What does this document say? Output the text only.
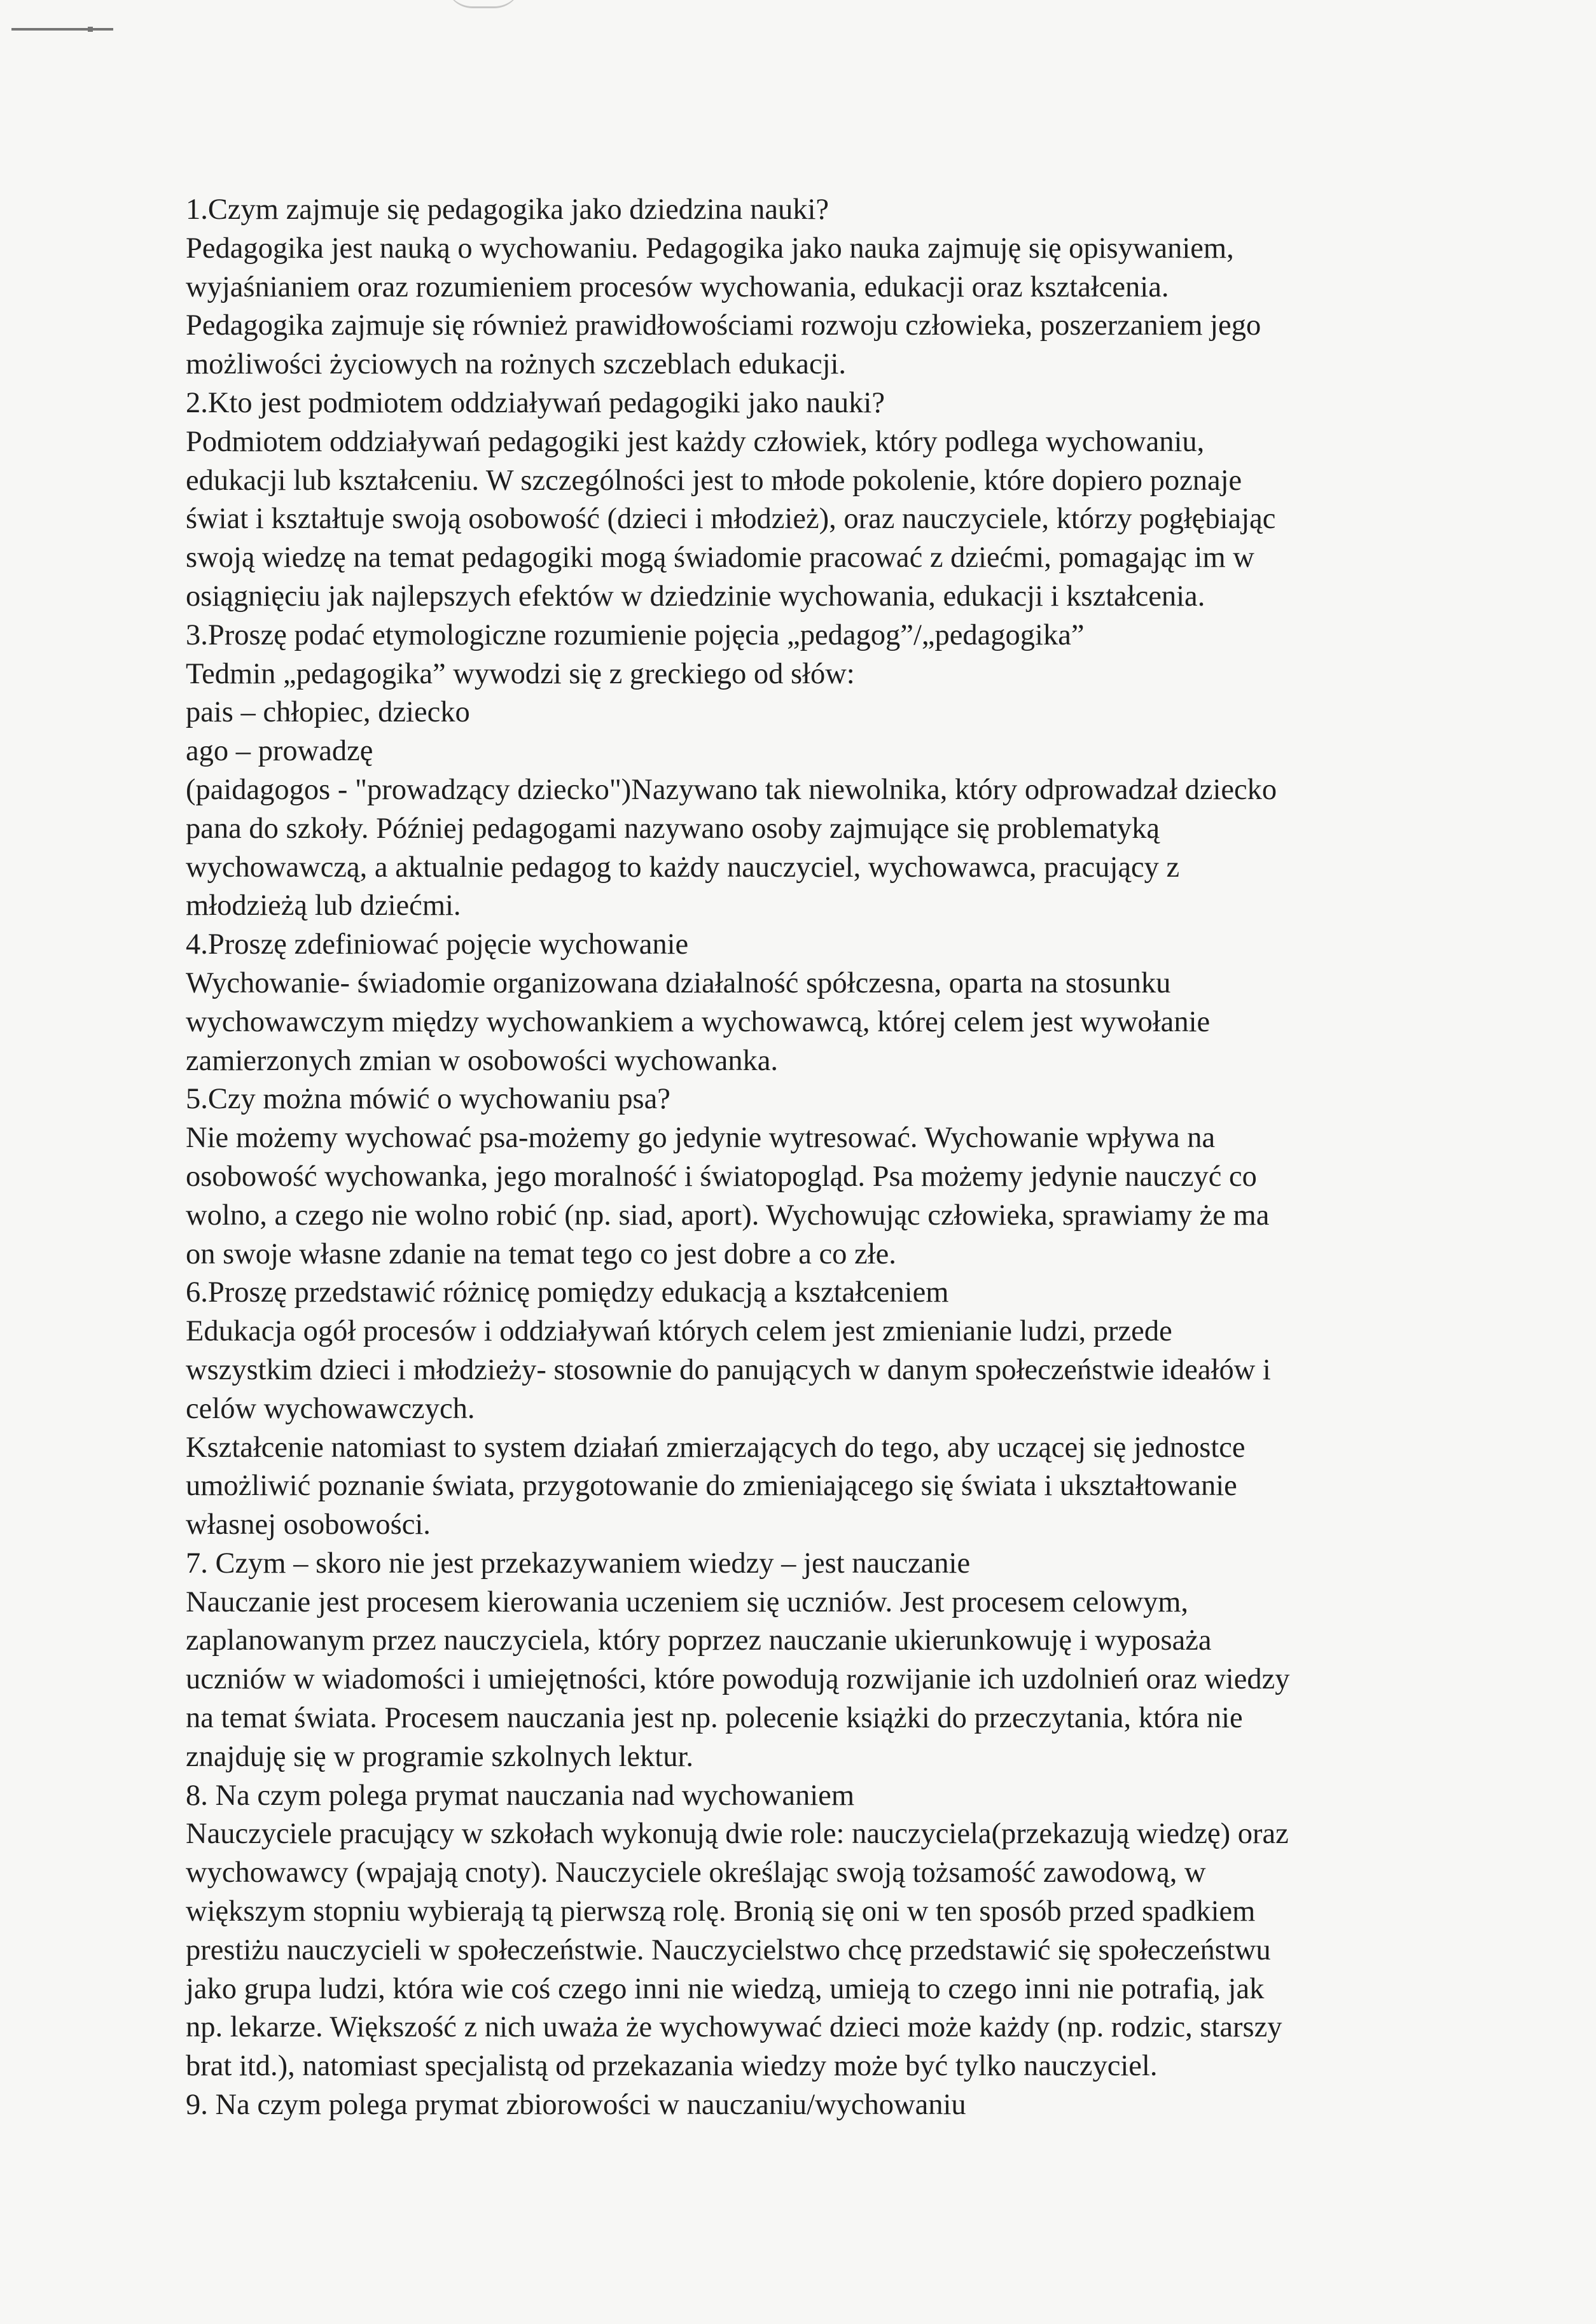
1.Czym zajmuje się pedagogika jako dziedzina nauki?

Pedagogika jest nauką o wychowaniu. Pedagogika jako nauka zajmuję się opisywaniem,

wyjaśnianiem oraz rozumieniem procesów wychowania, edukacji oraz kształcenia.

Pedagogika zajmuje się również prawidłowościami rozwoju człowieka, poszerzaniem jego

możliwości życiowych na rożnych szczeblach edukacji.

2.Kto jest podmiotem oddziaływań pedagogiki jako nauki?

Podmiotem oddziaływań pedagogiki jest każdy człowiek, który podlega wychowaniu,

edukacji lub kształceniu. W szczególności jest to młode pokolenie, które dopiero poznaje

świat i kształtuje swoją osobowość (dzieci i młodzież), oraz nauczyciele, którzy pogłębiając

swoją wiedzę na temat pedagogiki mogą świadomie pracować z dziećmi, pomagając im w

osiągnięciu jak najlepszych efektów w dziedzinie wychowania, edukacji i kształcenia.

3.Proszę podać etymologiczne rozumienie pojęcia „pedagog”/„pedagogika”

Tedmin „pedagogika” wywodzi się z greckiego od słów:

pais – chłopiec, dziecko

ago – prowadzę

(paidagogos - "prowadzący dziecko")Nazywano tak niewolnika, który odprowadzał dziecko

pana do szkoły. Później pedagogami nazywano osoby zajmujące się problematyką

wychowawczą, a aktualnie pedagog to każdy nauczyciel, wychowawca, pracujący z

młodzieżą lub dziećmi.

4.Proszę zdefiniować pojęcie wychowanie

Wychowanie- świadomie organizowana działalność spółczesna, oparta na stosunku

wychowawczym między wychowankiem a wychowawcą, której celem jest wywołanie

zamierzonych zmian w osobowości wychowanka.

5.Czy można mówić o wychowaniu psa?

Nie możemy wychować psa-możemy go jedynie wytresować. Wychowanie wpływa na

osobowość wychowanka, jego moralność i światopogląd. Psa możemy jedynie nauczyć co

wolno, a czego nie wolno robić (np. siad, aport). Wychowując człowieka, sprawiamy że ma

on swoje własne zdanie na temat tego co jest dobre a co złe.

6.Proszę przedstawić różnicę pomiędzy edukacją a kształceniem

Edukacja ogół procesów i oddziaływań których celem jest zmienianie ludzi, przede

wszystkim dzieci i młodzieży- stosownie do panujących w danym społeczeństwie ideałów i

celów wychowawczych.

Kształcenie natomiast to system działań zmierzających do tego, aby uczącej się jednostce

umożliwić poznanie świata, przygotowanie do zmieniającego się świata i ukształtowanie

własnej osobowości.

7. Czym – skoro nie jest przekazywaniem wiedzy – jest nauczanie

Nauczanie jest procesem kierowania uczeniem się uczniów. Jest procesem celowym,

zaplanowanym przez nauczyciela, który poprzez nauczanie ukierunkowuję i wyposaża

uczniów w wiadomości i umiejętności, które powodują rozwijanie ich uzdolnień oraz wiedzy

na temat świata. Procesem nauczania jest np. polecenie książki do przeczytania, która nie

znajduję się w programie szkolnych lektur.

8. Na czym polega prymat nauczania nad wychowaniem

Nauczyciele pracujący w szkołach wykonują dwie role: nauczyciela(przekazują wiedzę) oraz

wychowawcy (wpajają cnoty). Nauczyciele określając swoją tożsamość zawodową, w

większym stopniu wybierają tą pierwszą rolę. Bronią się oni w ten sposób przed spadkiem

prestiżu nauczycieli w społeczeństwie. Nauczycielstwo chcę przedstawić się społeczeństwu

jako grupa ludzi, która wie coś czego inni nie wiedzą, umieją to czego inni nie potrafią, jak

np. lekarze. Większość z nich uważa że wychowywać dzieci może każdy (np. rodzic, starszy

brat itd.), natomiast specjalistą od przekazania wiedzy może być tylko nauczyciel.

9. Na czym polega prymat zbiorowości w nauczaniu/wychowaniu
